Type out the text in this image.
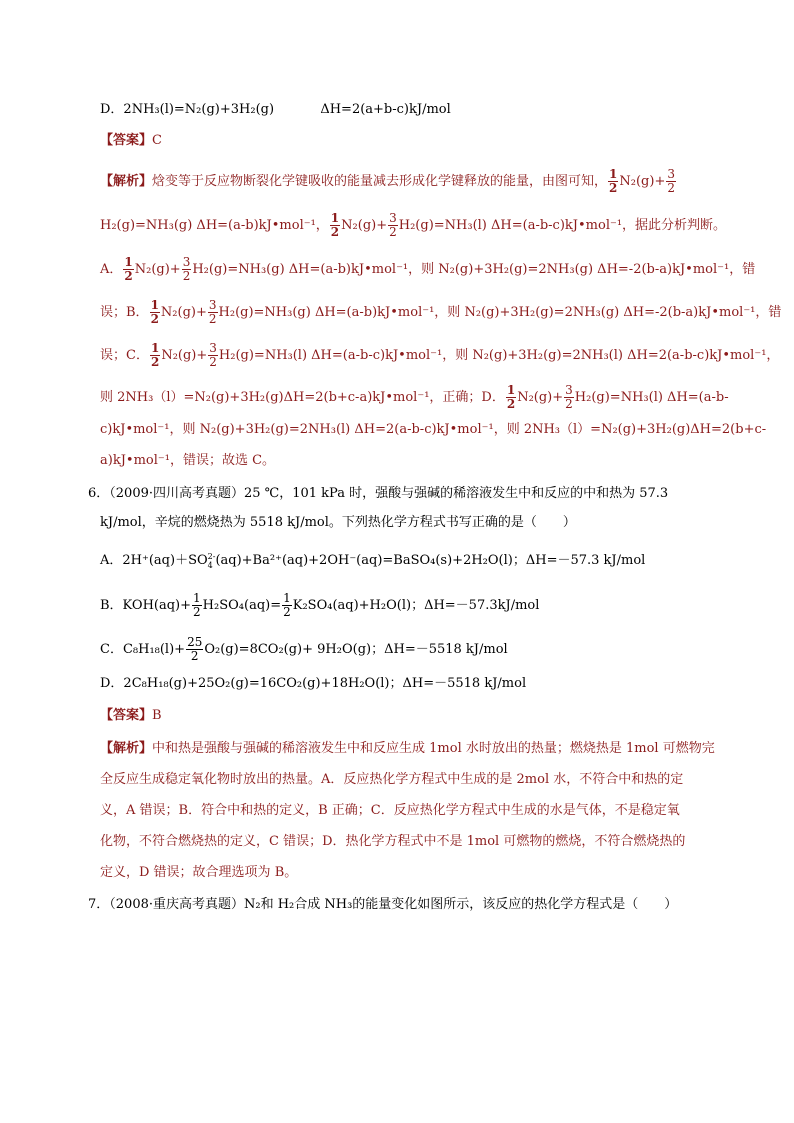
D．2NH₃(l)=N₂(g)+3H₂(g)	ΔH=2(a+b-c)kJ/mol
【答案】C
【解析】焓变等于反应物断裂化学键吸收的能量减去形成化学键释放的能量，由图可知， $\frac{1}{2} N_2(g)+ \frac{3}{2}$
H₂(g)=NH₃(g) ΔH=(a-b)kJ•mol⁻¹， $\frac{1}{2} N_2(g)+ \frac{3}{2} H_2(g)=NH_3(l)$ ΔH=(a-b-c)kJ•mol⁻¹，据此分析判断。
A． $\frac{1}{2} N_2(g)+ \frac{3}{2} H_2(g)=NH_3(g)$ ΔH=(a-b)kJ•mol⁻¹，则 N₂(g)+3H₂(g)=2NH₃(g) ΔH=-2(b-a)kJ•mol⁻¹，错
误；B． $\frac{1}{2} N_2(g)+ \frac{3}{2} H_2(g)=NH_3(g)$ ΔH=(a-b)kJ•mol⁻¹，则 N₂(g)+3H₂(g)=2NH₃(g) ΔH=-2(b-a)kJ•mol⁻¹，错
误；C． $\frac{1}{2} N_2(g)+ \frac{3}{2} H_2(g)=NH_3(l)$ ΔH=(a-b-c)kJ•mol⁻¹，则 N₂(g)+3H₂(g)=2NH₃(l) ΔH=2(a-b-c)kJ•mol⁻¹，
则 2NH₃（l）=N₂(g)+3H₂(g)ΔH=2(b+c-a)kJ•mol⁻¹，正确；D． $\frac{1}{2} N_2(g)+ \frac{3}{2} H_2(g)=NH_3(l)$ ΔH=(a-b-
c)kJ•mol⁻¹，则 N₂(g)+3H₂(g)=2NH₃(l) ΔH=2(a-b-c)kJ•mol⁻¹，则 2NH₃（l）=N₂(g)+3H₂(g)ΔH=2(b+c-
a)kJ•mol⁻¹，错误；故选 C。
6．（2009·四川高考真题）25 ℃，101 kPa 时，强酸与强碱的稀溶液发生中和反应的中和热为 57.3
kJ/mol，辛烷的燃烧热为 5518 kJ/mol。下列热化学方程式书写正确的是（　　）
A．2H⁺(aq)＋SO 2-
4 (aq)+Ba²⁺(aq)+2OH⁻(aq)=BaSO₄(s)+2H₂O(l)；ΔH=－57.3 kJ/mol
B．$KOH(aq)+ \frac{1}{2} H_2SO_4(aq)= \frac{1}{2} K_2SO_4(aq)+H_2O(l)$；ΔH=－57.3kJ/mol
C．$C_8H_{18}(l)+ \frac{25}{2} O_2(g)=8CO_2(g)+ 9H_2O(g)$；ΔH=－5518 kJ/mol
D．2C₈H₁₈(g)+25O₂(g)=16CO₂(g)+18H₂O(l)；ΔH=－5518 kJ/mol
【答案】B
【解析】中和热是强酸与强碱的稀溶液发生中和反应生成 1mol 水时放出的热量；燃烧热是 1mol 可燃物完
全反应生成稳定氧化物时放出的热量。A．反应热化学方程式中生成的是 2mol 水，不符合中和热的定
义，A 错误；B．符合中和热的定义，B 正确；C．反应热化学方程式中生成的水是气体，不是稳定氧
化物，不符合燃烧热的定义，C 错误；D．热化学方程式中不是 1mol 可燃物的燃烧，不符合燃烧热的
定义，D 错误；故合理选项为 B。
7．（2008·重庆高考真题）N₂和 H₂合成 NH₃的能量变化如图所示，该反应的热化学方程式是（　　）
